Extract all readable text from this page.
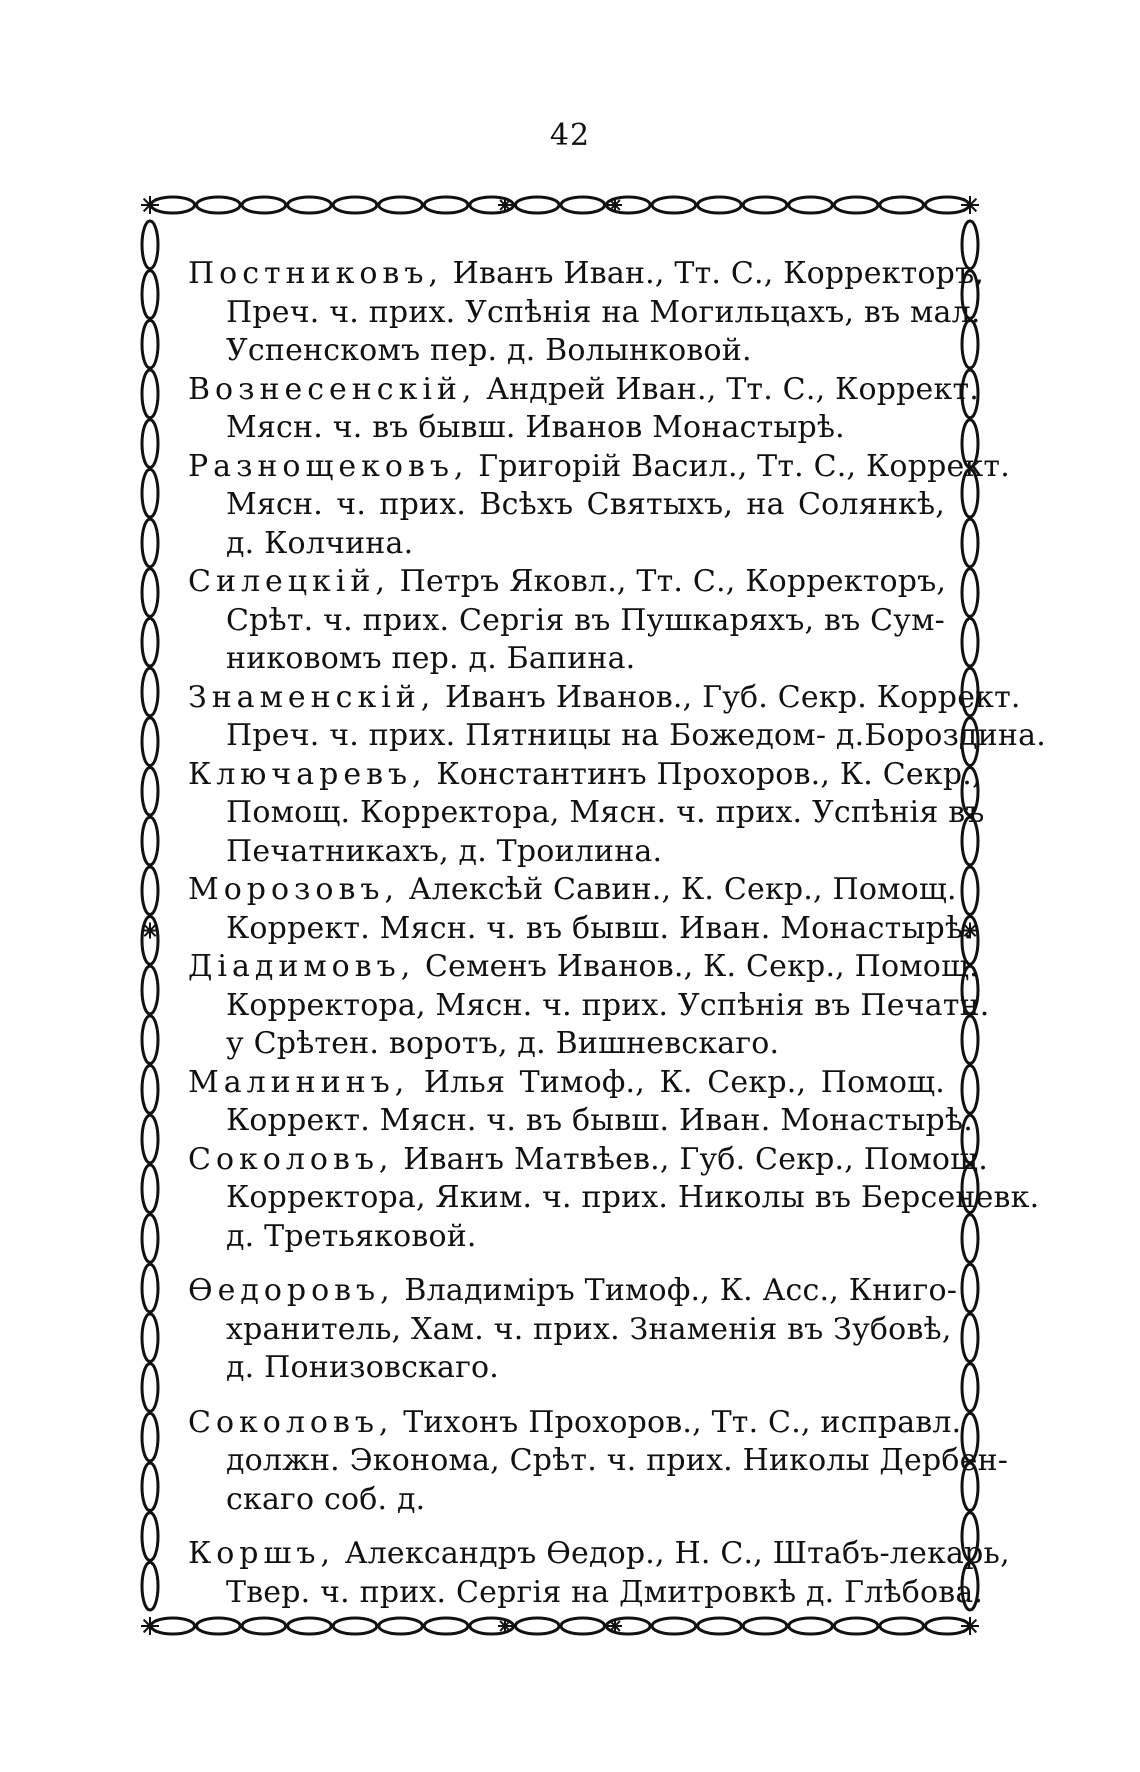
42
Постниковъ, Иванъ Иван., Тт. С., Корректоръ,
Преч. ч. прих. Успѣнія на Могильцахъ, въ мал.
Успенскомъ пер. д. Волынковой.
Вознесенскій, Андрей Иван., Тт. С., Коррект.
Мясн. ч. въ бывш. Иванов Монастырѣ.
Разнощековъ, Григорій Васил., Тт. С., Коррект.
Мясн. ч. прих. Всѣхъ Святыхъ, на Солянкѣ,
д. Колчина.
Силецкій, Петръ Яковл., Тт. С., Корректоръ,
Срѣт. ч. прих. Сергія въ Пушкаряхъ, въ Сум-
никовомъ пер. д. Бапина.
Знаменскій, Иванъ Иванов., Губ. Секр. Коррект.
Преч. ч. прих. Пятницы на Божедом- д.Бороздина.
Ключаревъ, Константинъ Прохоров., К. Секр.,
Помощ. Корректора, Мясн. ч. прих. Успѣнія въ
Печатникахъ, д. Троилина.
Морозовъ, Алексѣй Савин., К. Секр., Помощ.
Коррект. Мясн. ч. въ бывш. Иван. Монастырѣ.
Діадимовъ, Семенъ Иванов., К. Секр., Помощ.
Корректора, Мясн. ч. прих. Успѣнія въ Печатн.
у Срѣтен. воротъ, д. Вишневскаго.
Малининъ, Илья Тимоф., К. Секр., Помощ.
Коррект. Мясн. ч. въ бывш. Иван. Монастырѣ.
Соколовъ, Иванъ Матвѣев., Губ. Секр., Помощ.
Корректора, Яким. ч. прих. Николы въ Берсеневк.
д. Третьяковой.
Өедоровъ, Владимiръ Тимоф., К. Асс., Книго-
хранитель, Хам. ч. прих. Знаменія въ Зубовѣ,
д. Понизовскаго.
Соколовъ, Тихонъ Прохоров., Тт. С., исправл.
должн. Эконома, Срѣт. ч. прих. Николы Дербен-
скаго соб. д.
Коршъ, Александръ Өедор., Н. С., Штабъ-лекарь,
Твер. ч. прих. Сергія на Дмитровкѣ д. Глѣбова.
